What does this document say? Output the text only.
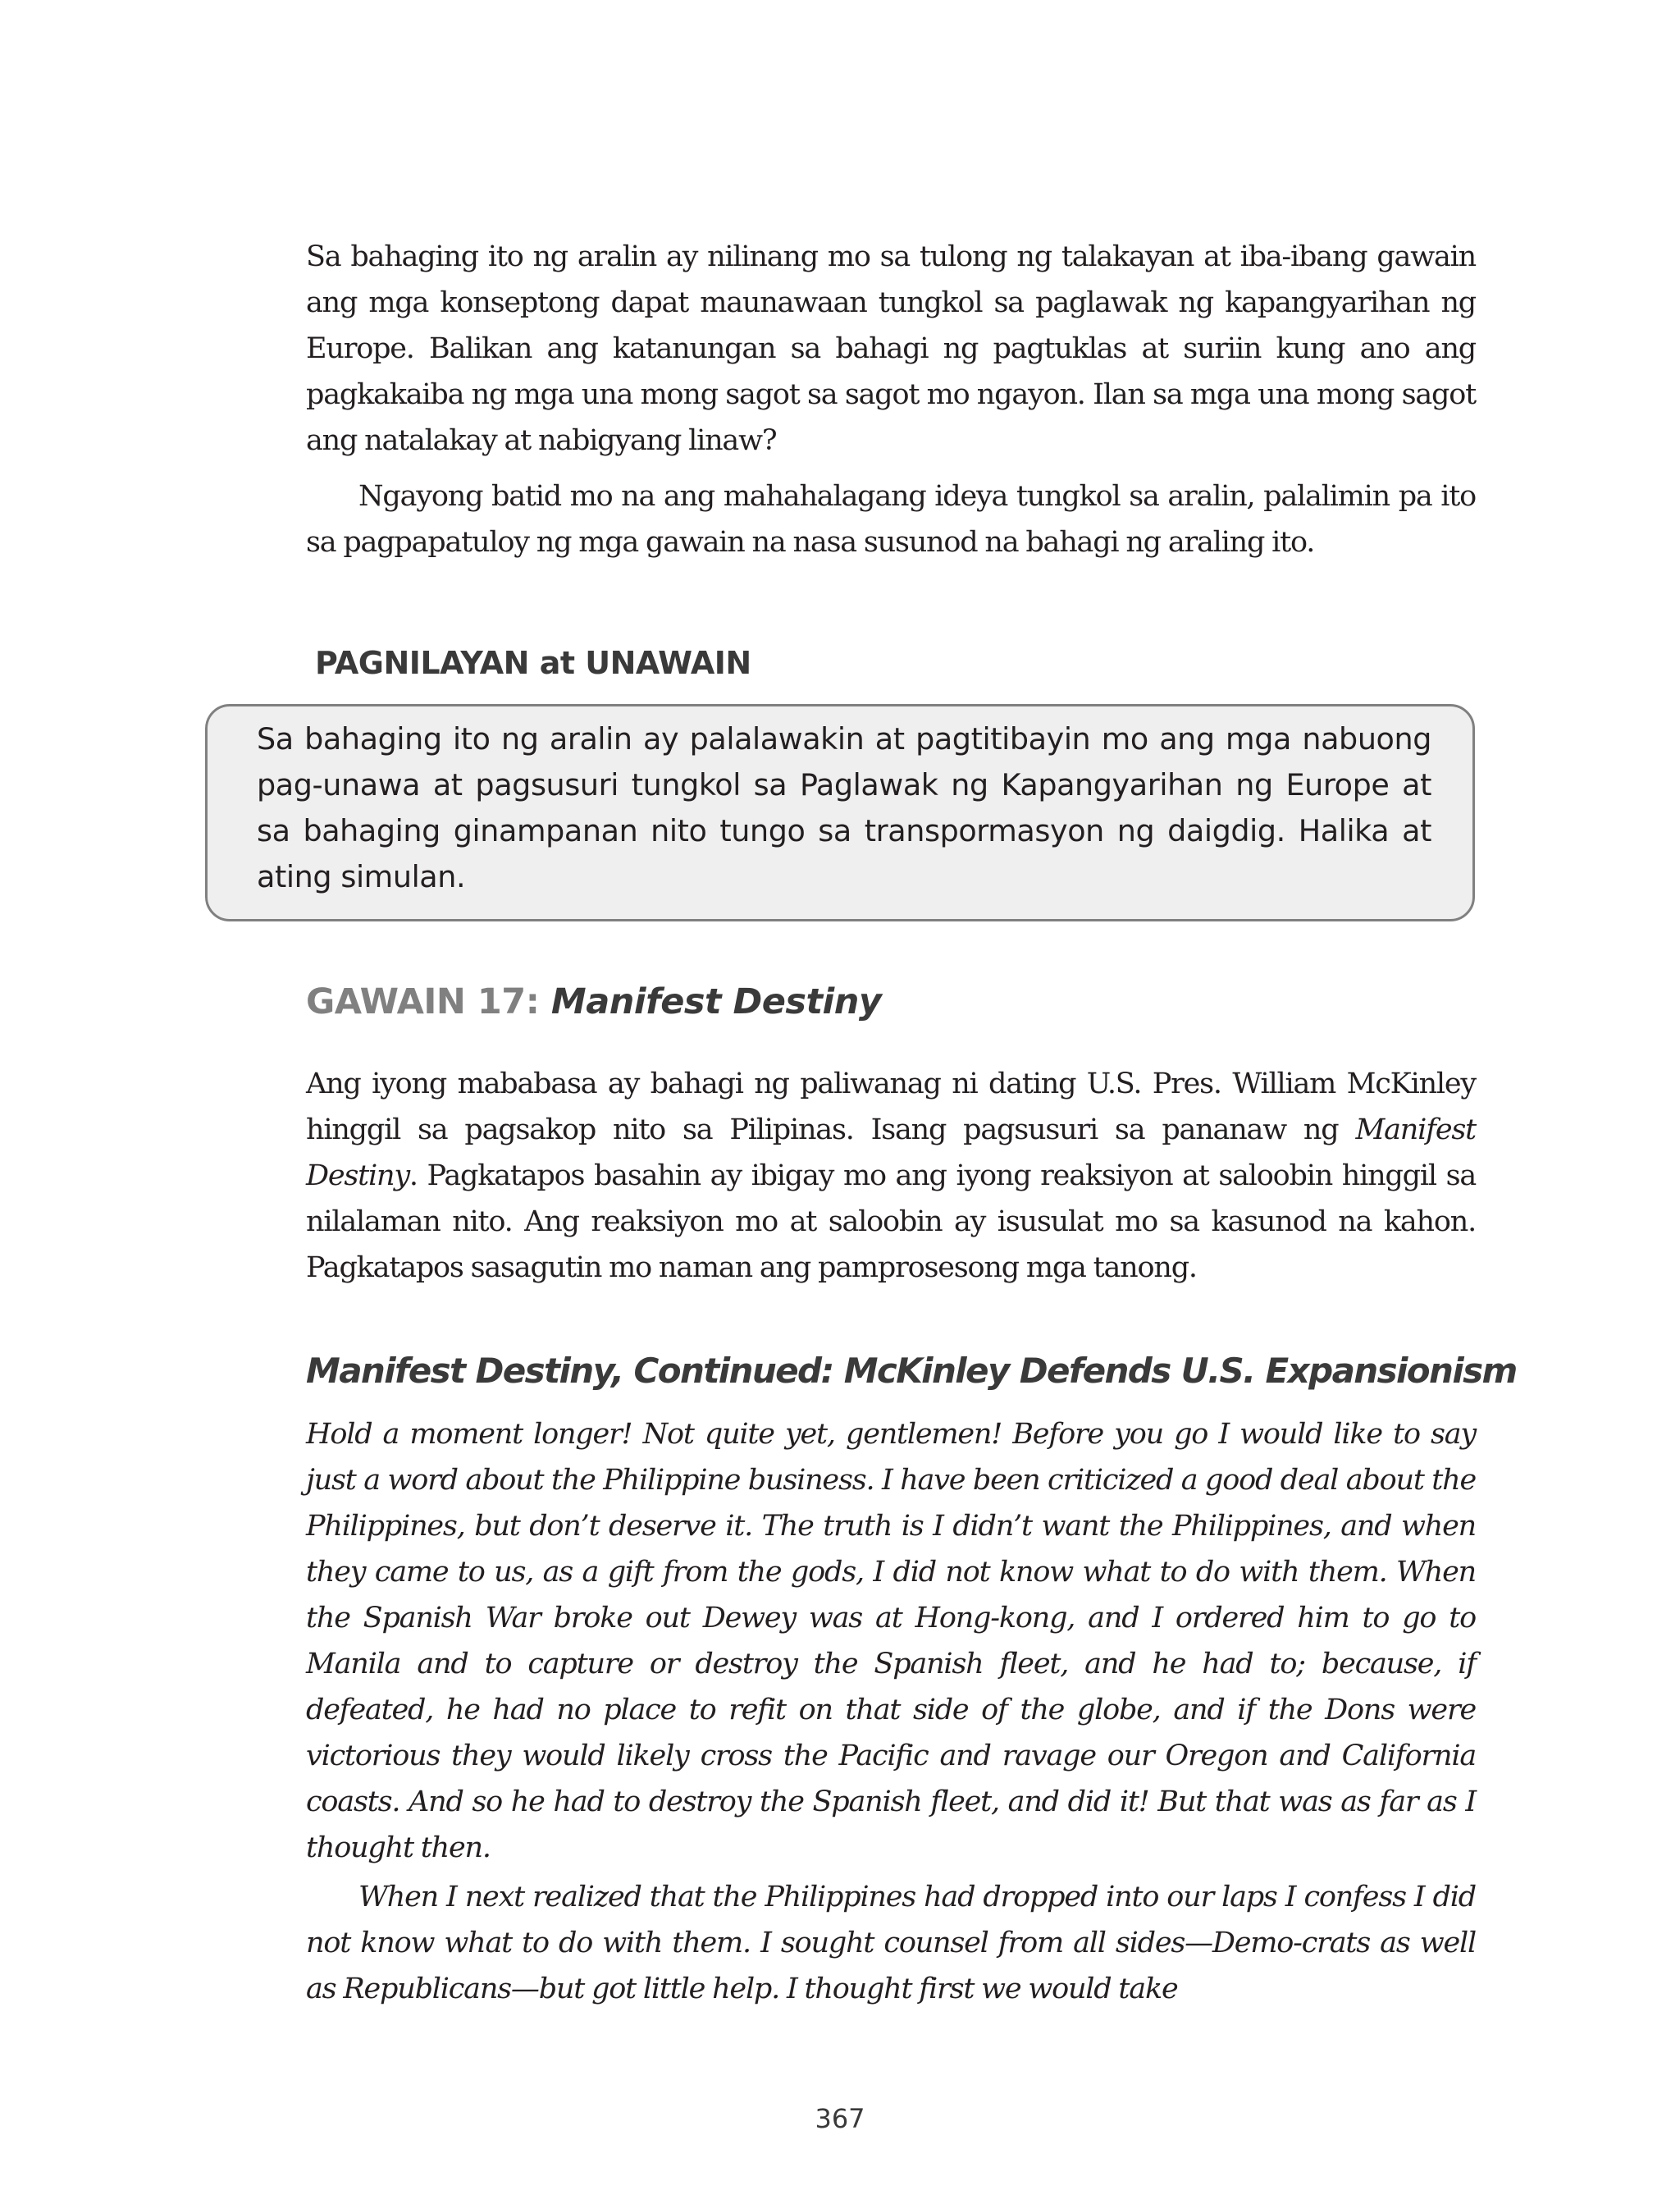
Sa bahaging ito ng aralin ay nilinang mo sa tulong ng talakayan at iba-ibang gawain ang mga konseptong dapat maunawaan tungkol sa paglawak ng kapangyarihan ng Europe. Balikan ang katanungan sa bahagi ng pagtuklas at suriin kung ano ang pagkakaiba ng mga una mong sagot sa sagot mo ngayon. Ilan sa mga una mong sagot ang natalakay at nabigyang linaw?

Ngayong batid mo na ang mahahalagang ideya tungkol sa aralin, palalimin pa ito sa pagpapatuloy ng mga gawain na nasa susunod na bahagi ng araling ito.

PAGNILAYAN at UNAWAIN

Sa bahaging ito ng aralin ay palalawakin at pagtitibayin mo ang mga nabuong pag-unawa at pagsusuri tungkol sa Paglawak ng Kapangyarihan ng Europe at sa bahaging ginampanan nito tungo sa transpormasyon ng daigdig. Halika at ating simulan.

GAWAIN 17: Manifest Destiny

Ang iyong mababasa ay bahagi ng paliwanag ni dating U.S. Pres. William McKinley hinggil sa pagsakop nito sa Pilipinas. Isang pagsusuri sa pananaw ng Manifest Destiny. Pagkatapos basahin ay ibigay mo ang iyong reaksiyon at saloobin hinggil sa nilalaman nito. Ang reaksiyon mo at saloobin ay isusulat mo sa kasunod na kahon. Pagkatapos sasagutin mo naman ang pamprosesong mga tanong.

Manifest Destiny, Continued: McKinley Defends U.S. Expansionism

Hold a moment longer! Not quite yet, gentlemen! Before you go I would like to say just a word about the Philippine business. I have been criticized a good deal about the Philippines, but don’t deserve it. The truth is I didn’t want the Philippines, and when they came to us, as a gift from the gods, I did not know what to do with them. When the Spanish War broke out Dewey was at Hong-kong, and I ordered him to go to Manila and to capture or destroy the Spanish fleet, and he had to; because, if defeated, he had no place to refit on that side of the globe, and if the Dons were victorious they would likely cross the Pacific and ravage our Oregon and California coasts. And so he had to destroy the Spanish fleet, and did it! But that was as far as I thought then.

When I next realized that the Philippines had dropped into our laps I confess I did not know what to do with them. I sought counsel from all sides—Demo-crats as well as Republicans—but got little help. I thought first we would take

367
